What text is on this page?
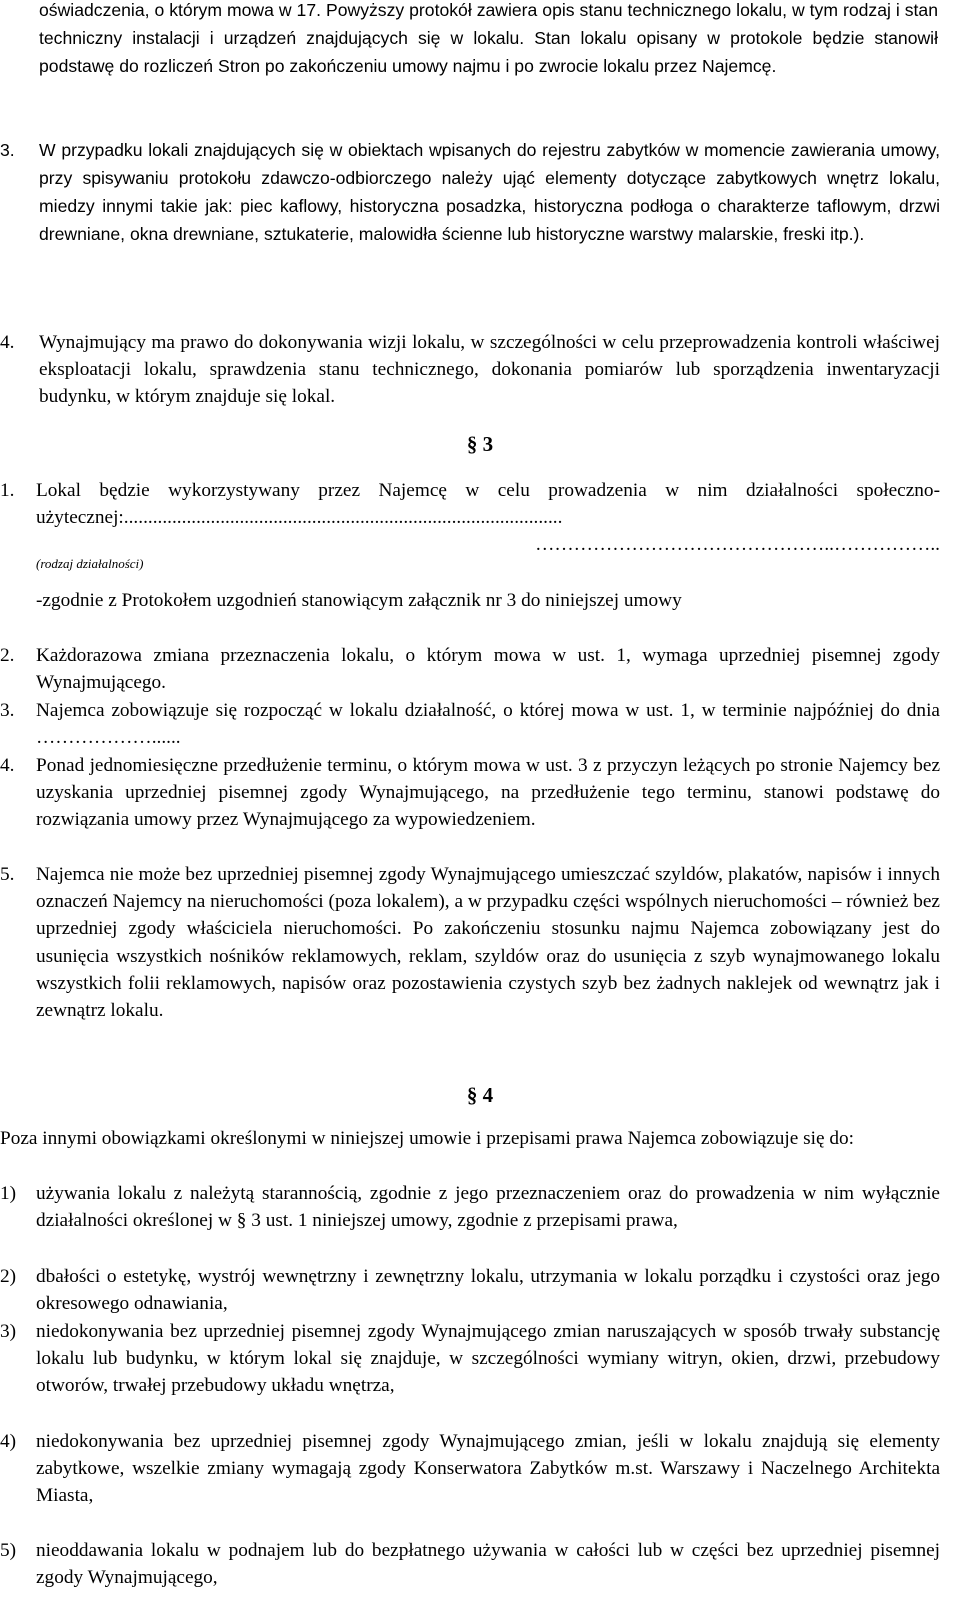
oświadczenia, o którym mowa w 17. Powyższy protokół zawiera opis stanu technicznego lokalu, w tym rodzaj i stan techniczny instalacji i urządzeń znajdujących się w lokalu. Stan lokalu opisany w protokole będzie stanowił podstawę do rozliczeń Stron po zakończeniu umowy najmu i po zwrocie lokalu przez Najemcę.
3.	W przypadku lokali znajdujących się w obiektach wpisanych do rejestru zabytków w momencie zawierania umowy, przy spisywaniu protokołu zdawczo-odbiorczego należy ująć elementy dotyczące zabytkowych wnętrz lokalu, miedzy innymi takie jak: piec kaflowy, historyczna posadzka, historyczna podłoga o charakterze taflowym, drzwi drewniane, okna drewniane, sztukaterie, malowidła ścienne lub historyczne warstwy malarskie, freski itp.).
4.	Wynajmujący ma prawo do dokonywania wizji lokalu, w szczególności w celu przeprowadzenia kontroli właściwej eksploatacji lokalu, sprawdzenia stanu technicznego, dokonania pomiarów lub sporządzenia inwentaryzacji budynku, w którym znajduje się lokal.
§ 3
1.	Lokal będzie wykorzystywany przez Najemcę w celu prowadzenia w nim działalności społeczno- użytecznej:...........................................................................................
………………………………………..……………..
(rodzaj działalności)
-zgodnie z Protokołem uzgodnień stanowiącym załącznik nr 3 do niniejszej umowy
2.	Każdorazowa zmiana przeznaczenia lokalu, o którym mowa w ust. 1, wymaga uprzedniej pisemnej zgody Wynajmującego.
3.	Najemca zobowiązuje się rozpocząć w lokalu działalność, o której mowa w ust. 1, w terminie najpóźniej do dnia ………………......
4.	Ponad jednomiesięczne przedłużenie terminu, o którym mowa w ust. 3 z przyczyn leżących po stronie Najemcy bez uzyskania uprzedniej pisemnej zgody Wynajmującego, na przedłużenie tego terminu, stanowi podstawę do rozwiązania umowy przez Wynajmującego za wypowiedzeniem.
5.	Najemca nie może bez uprzedniej pisemnej zgody Wynajmującego umieszczać szyldów, plakatów, napisów i innych oznaczeń Najemcy na nieruchomości (poza lokalem), a w przypadku części wspólnych nieruchomości – również bez uprzedniej zgody właściciela nieruchomości. Po zakończeniu stosunku najmu Najemca zobowiązany jest do usunięcia wszystkich nośników reklamowych, reklam, szyldów oraz do usunięcia z szyb wynajmowanego lokalu wszystkich folii reklamowych, napisów oraz pozostawienia czystych szyb bez żadnych naklejek od wewnątrz jak i zewnątrz lokalu.
§ 4
Poza innymi obowiązkami określonymi w niniejszej umowie i przepisami prawa Najemca zobowiązuje się do:
1)	używania lokalu z należytą starannością, zgodnie z jego przeznaczeniem oraz do prowadzenia w nim wyłącznie działalności określonej w § 3 ust. 1 niniejszej umowy, zgodnie z przepisami prawa,
2)	dbałości o estetykę, wystrój wewnętrzny i zewnętrzny lokalu, utrzymania w lokalu porządku i czystości oraz jego okresowego odnawiania,
3)	niedokonywania bez uprzedniej pisemnej zgody Wynajmującego zmian naruszających w sposób trwały substancję lokalu lub budynku, w którym lokal się znajduje, w szczególności wymiany witryn, okien, drzwi, przebudowy otworów, trwałej przebudowy układu wnętrza,
4)	niedokonywania bez uprzedniej pisemnej zgody Wynajmującego zmian, jeśli w lokalu znajdują się elementy zabytkowe, wszelkie zmiany wymagają zgody Konserwatora Zabytków m.st. Warszawy i Naczelnego Architekta Miasta,
5)	nieoddawania lokalu w podnajem lub do bezpłatnego używania w całości lub w części bez uprzedniej pisemnej zgody Wynajmującego,
